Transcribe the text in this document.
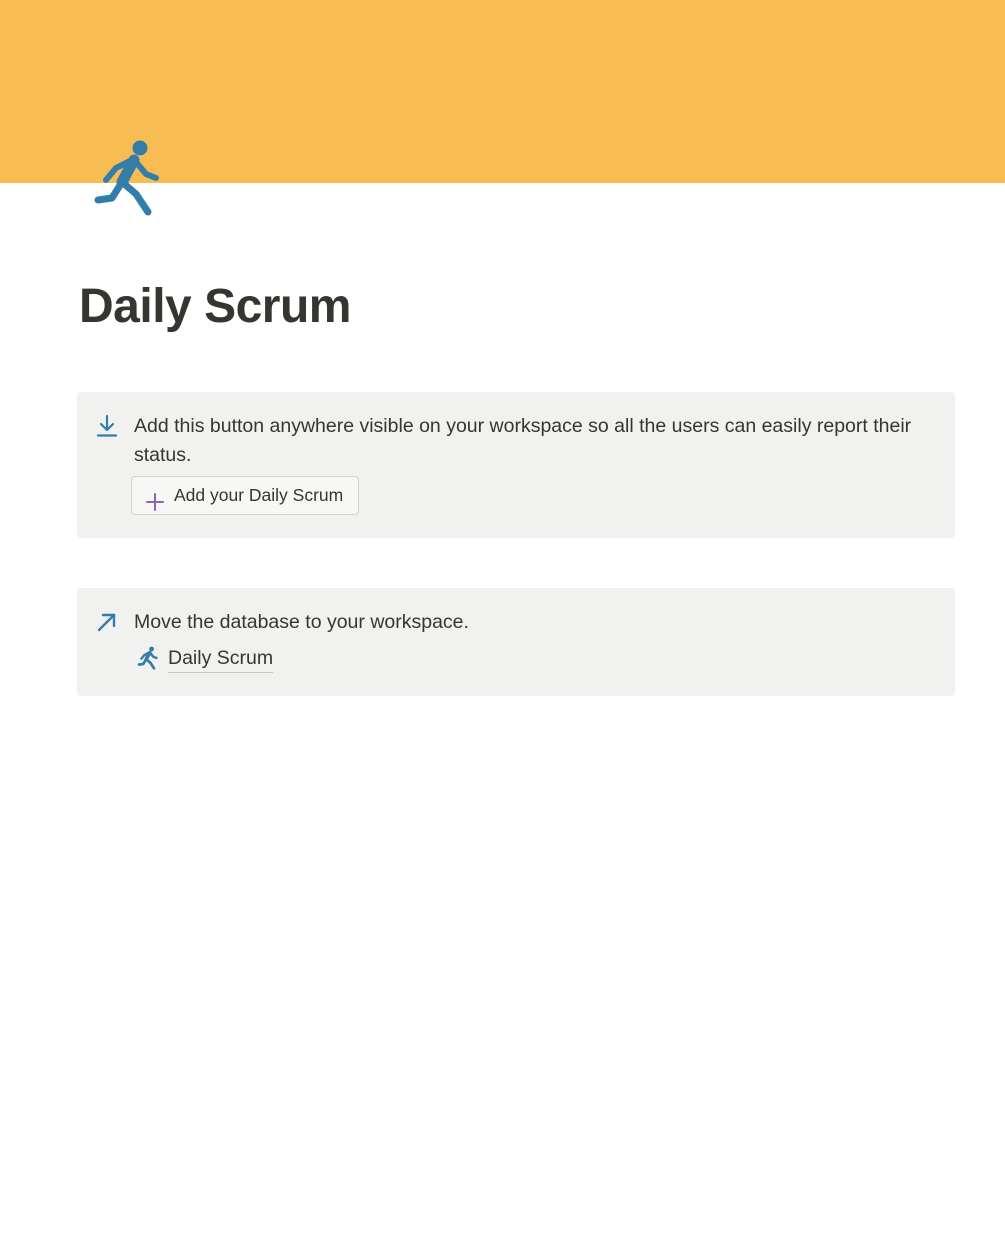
Daily Scrum
Add this button anywhere visible on your workspace so all the users can easily report their status.
Add your Daily Scrum
Move the database to your workspace.
Daily Scrum
